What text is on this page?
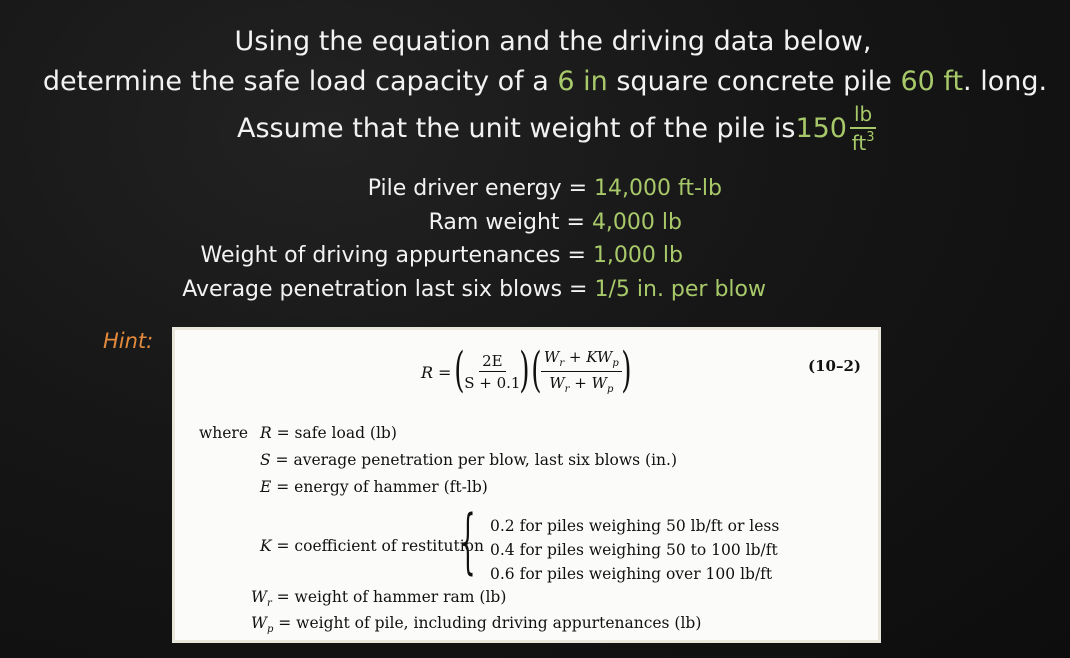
Using the equation and the driving data below,
determine the safe load capacity of a 6 in square concrete pile 60 ft. long.
Assume that the unit weight of the pile is $150 \frac{lb}{ft^3}$
Pile driver energy = 14,000 ft-lb
Ram weight = 4,000 lb
Weight of driving appurtenances = 1,000 lb
Average penetration last six blows = 1/5 in. per blow
Hint:
R = ( $\frac{2E}{S + 0.1}$ ) ( $W_r + KW_p$
$W_r + W_p$ )	(10–2)
where R = safe load (lb)
S = average penetration per blow, last six blows (in.)
E = energy of hammer (ft-lb)
K = coefficient of restitution
$W_r$ = weight of hammer ram (lb)
$W_p$ = weight of pile, including driving appurtenances (lb)
{ 0.2 for piles weighing 50 lb/ft or less
0.4 for piles weighing 50 to 100 lb/ft
0.6 for piles weighing over 100 lb/ft
